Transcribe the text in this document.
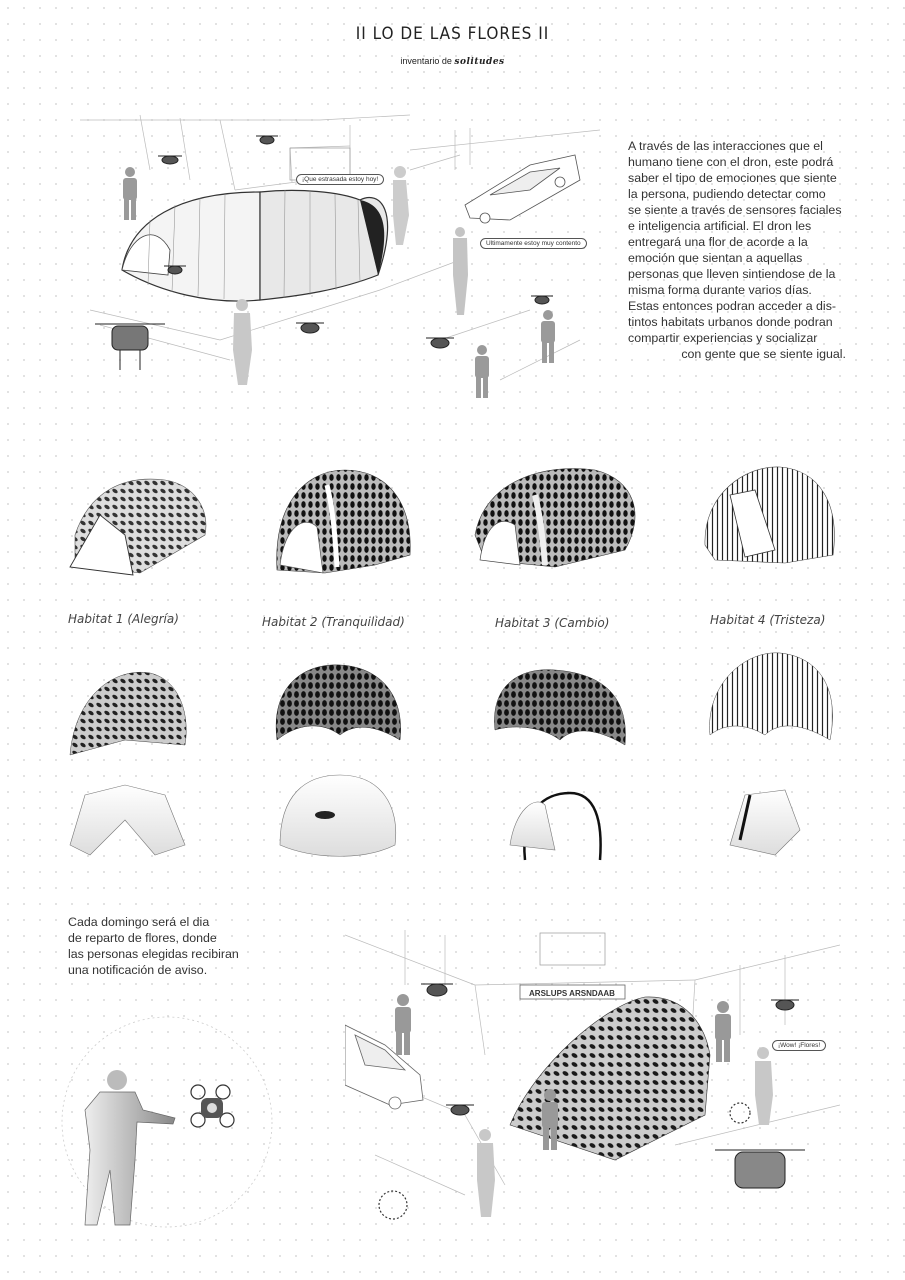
II LO DE LAS FLORES II
inventario de solitudes
¡Que estrasada estoy hoy!
Ultimamente estoy muy contento
A través de las interacciones que el
humano tiene con el dron, este podrá
saber el tipo de emociones que siente
la persona, pudiendo detectar como
se siente a través de sensores faciales
e inteligencia artificial. El dron les
entregará una flor de acorde a la
emoción que sientan a aquellas
personas que lleven sintiendose de la
misma forma durante varios días.
Estas entonces podran acceder a dis-
tintos habitats urbanos donde podran
compartir experiencias y socializar
con gente que se siente igual.
Habitat 1 (Alegría)	Habitat 2 (Tranquilidad)	Habitat 3 (Cambio)	Habitat 4 (Tristeza)
Cada domingo será el dia
de reparto de flores, donde
las personas elegidas recibiran
una notificación de aviso.
ARSLUPS ARSNDAAB
¡Wow! ¡Flores!
